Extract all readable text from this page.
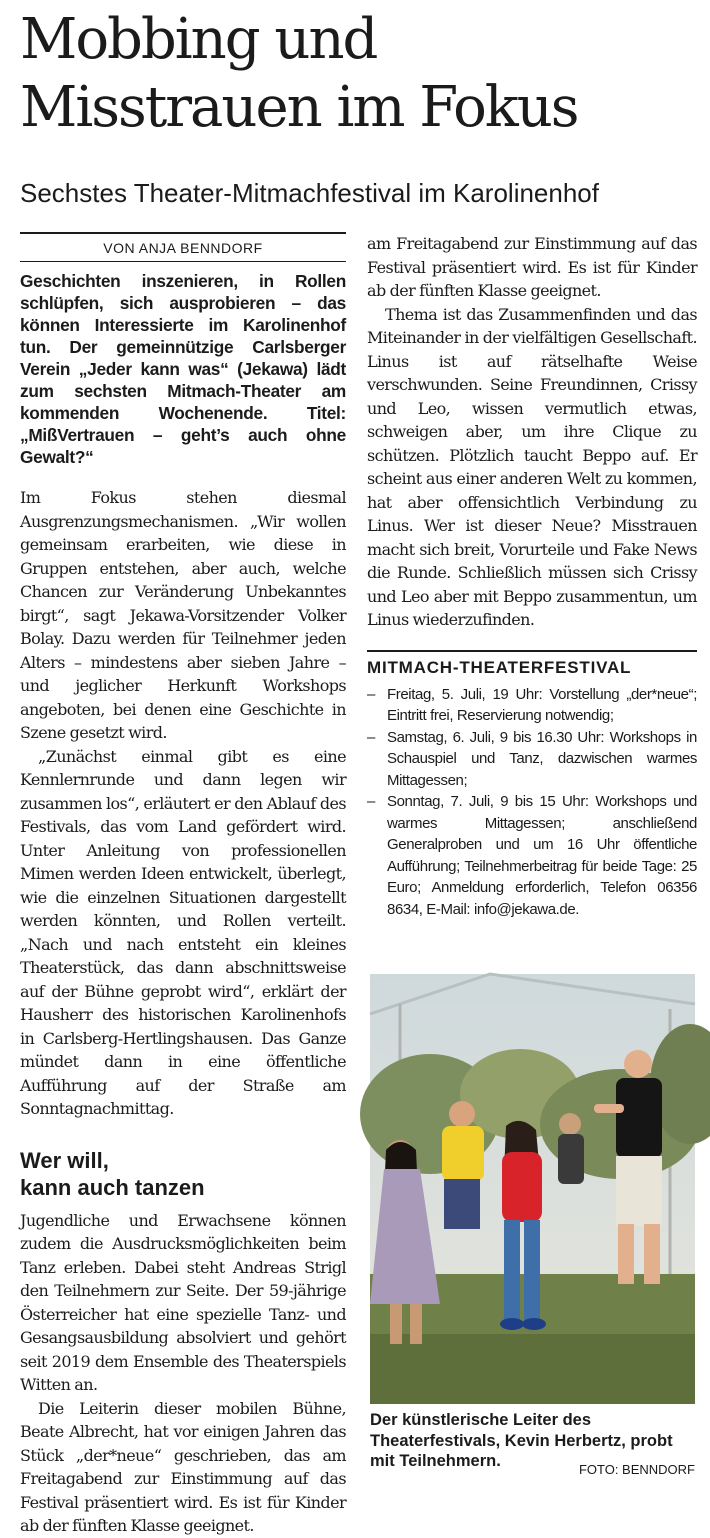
Mobbing und
Misstrauen im Fokus
Sechstes Theater-Mitmachfestival im Karolinenhof
VON ANJA BENNDORF

Geschichten inszenieren, in Rollen schlüpfen, sich ausprobieren – das können Interessierte im Karolinenhof tun. Der gemeinnützige Carlsberger Verein „Jeder kann was“ (Jekawa) lädt zum sechsten Mitmach-Theater am kommenden Wochenende. Titel: „MißVertrauen – geht’s auch ohne Gewalt?“

Im Fokus stehen diesmal Ausgrenzungsmechanismen. „Wir wollen gemeinsam erarbeiten, wie diese in Gruppen entstehen, aber auch, welche Chancen zur Veränderung Unbekanntes birgt“, sagt Jekawa-Vorsitzender Volker Bolay. Dazu werden für Teilnehmer jeden Alters – mindestens aber sieben Jahre – und jeglicher Herkunft Workshops angeboten, bei denen eine Geschichte in Szene gesetzt wird.

„Zunächst einmal gibt es eine Kennlernrunde und dann legen wir zusammen los“, erläutert er den Ablauf des Festivals, das vom Land gefördert wird. Unter Anleitung von professionellen Mimen werden Ideen entwickelt, überlegt, wie die einzelnen Situationen dargestellt werden könnten, und Rollen verteilt. „Nach und nach entsteht ein kleines Theaterstück, das dann abschnittsweise auf der Bühne geprobt wird“, erklärt der Hausherr des historischen Karolinenhofs in Carlsberg-Hertlingshausen. Das Ganze mündet dann in eine öffentliche Aufführung auf der Straße am Sonntagnachmittag.

Wer will,
kann auch tanzen

Jugendliche und Erwachsene können zudem die Ausdrucksmöglichkeiten beim Tanz erleben. Dabei steht Andreas Strigl den Teilnehmern zur Seite. Der 59-jährige Österreicher hat eine spezielle Tanz- und Gesangsausbildung absolviert und gehört seit 2019 dem Ensemble des Theaterspiels Witten an.

Die Leiterin dieser mobilen Bühne, Beate Albrecht, hat vor einigen Jahren das Stück „der*neue“ geschrieben, das am Freitagabend zur Einstimmung auf das Festival präsentiert wird. Es ist für Kinder ab der fünften Klasse geeignet.

am Freitagabend zur Einstimmung auf das Festival präsentiert wird. Es ist für Kinder ab der fünften Klasse geeignet.

Thema ist das Zusammenfinden und das Miteinander in der vielfältigen Gesellschaft. Linus ist auf rätselhafte Weise verschwunden. Seine Freundinnen, Crissy und Leo, wissen vermutlich etwas, schweigen aber, um ihre Clique zu schützen. Plötzlich taucht Beppo auf. Er scheint aus einer anderen Welt zu kommen, hat aber offensichtlich Verbindung zu Linus. Wer ist dieser Neue? Misstrauen macht sich breit, Vorurteile und Fake News die Runde. Schließlich müssen sich Crissy und Leo aber mit Beppo zusammentun, um Linus wiederzufinden.

MITMACH-THEATERFESTIVAL
– Freitag, 5. Juli, 19 Uhr: Vorstellung „der*neue“; Eintritt frei, Reservierung notwendig;
– Samstag, 6. Juli, 9 bis 16.30 Uhr: Workshops in Schauspiel und Tanz, dazwischen warmes Mittagessen;
– Sonntag, 7. Juli, 9 bis 15 Uhr: Workshops und warmes Mittagessen; anschließend Generalproben und um 16 Uhr öffentliche Aufführung; Teilnehmerbeitrag für beide Tage: 25 Euro; Anmeldung erforderlich, Telefon 06356 8634, E-Mail: info@jekawa.de.
Der künstlerische Leiter des Theaterfestivals, Kevin Herbertz, probt mit Teilnehmern.	FOTO: BENNDORF
